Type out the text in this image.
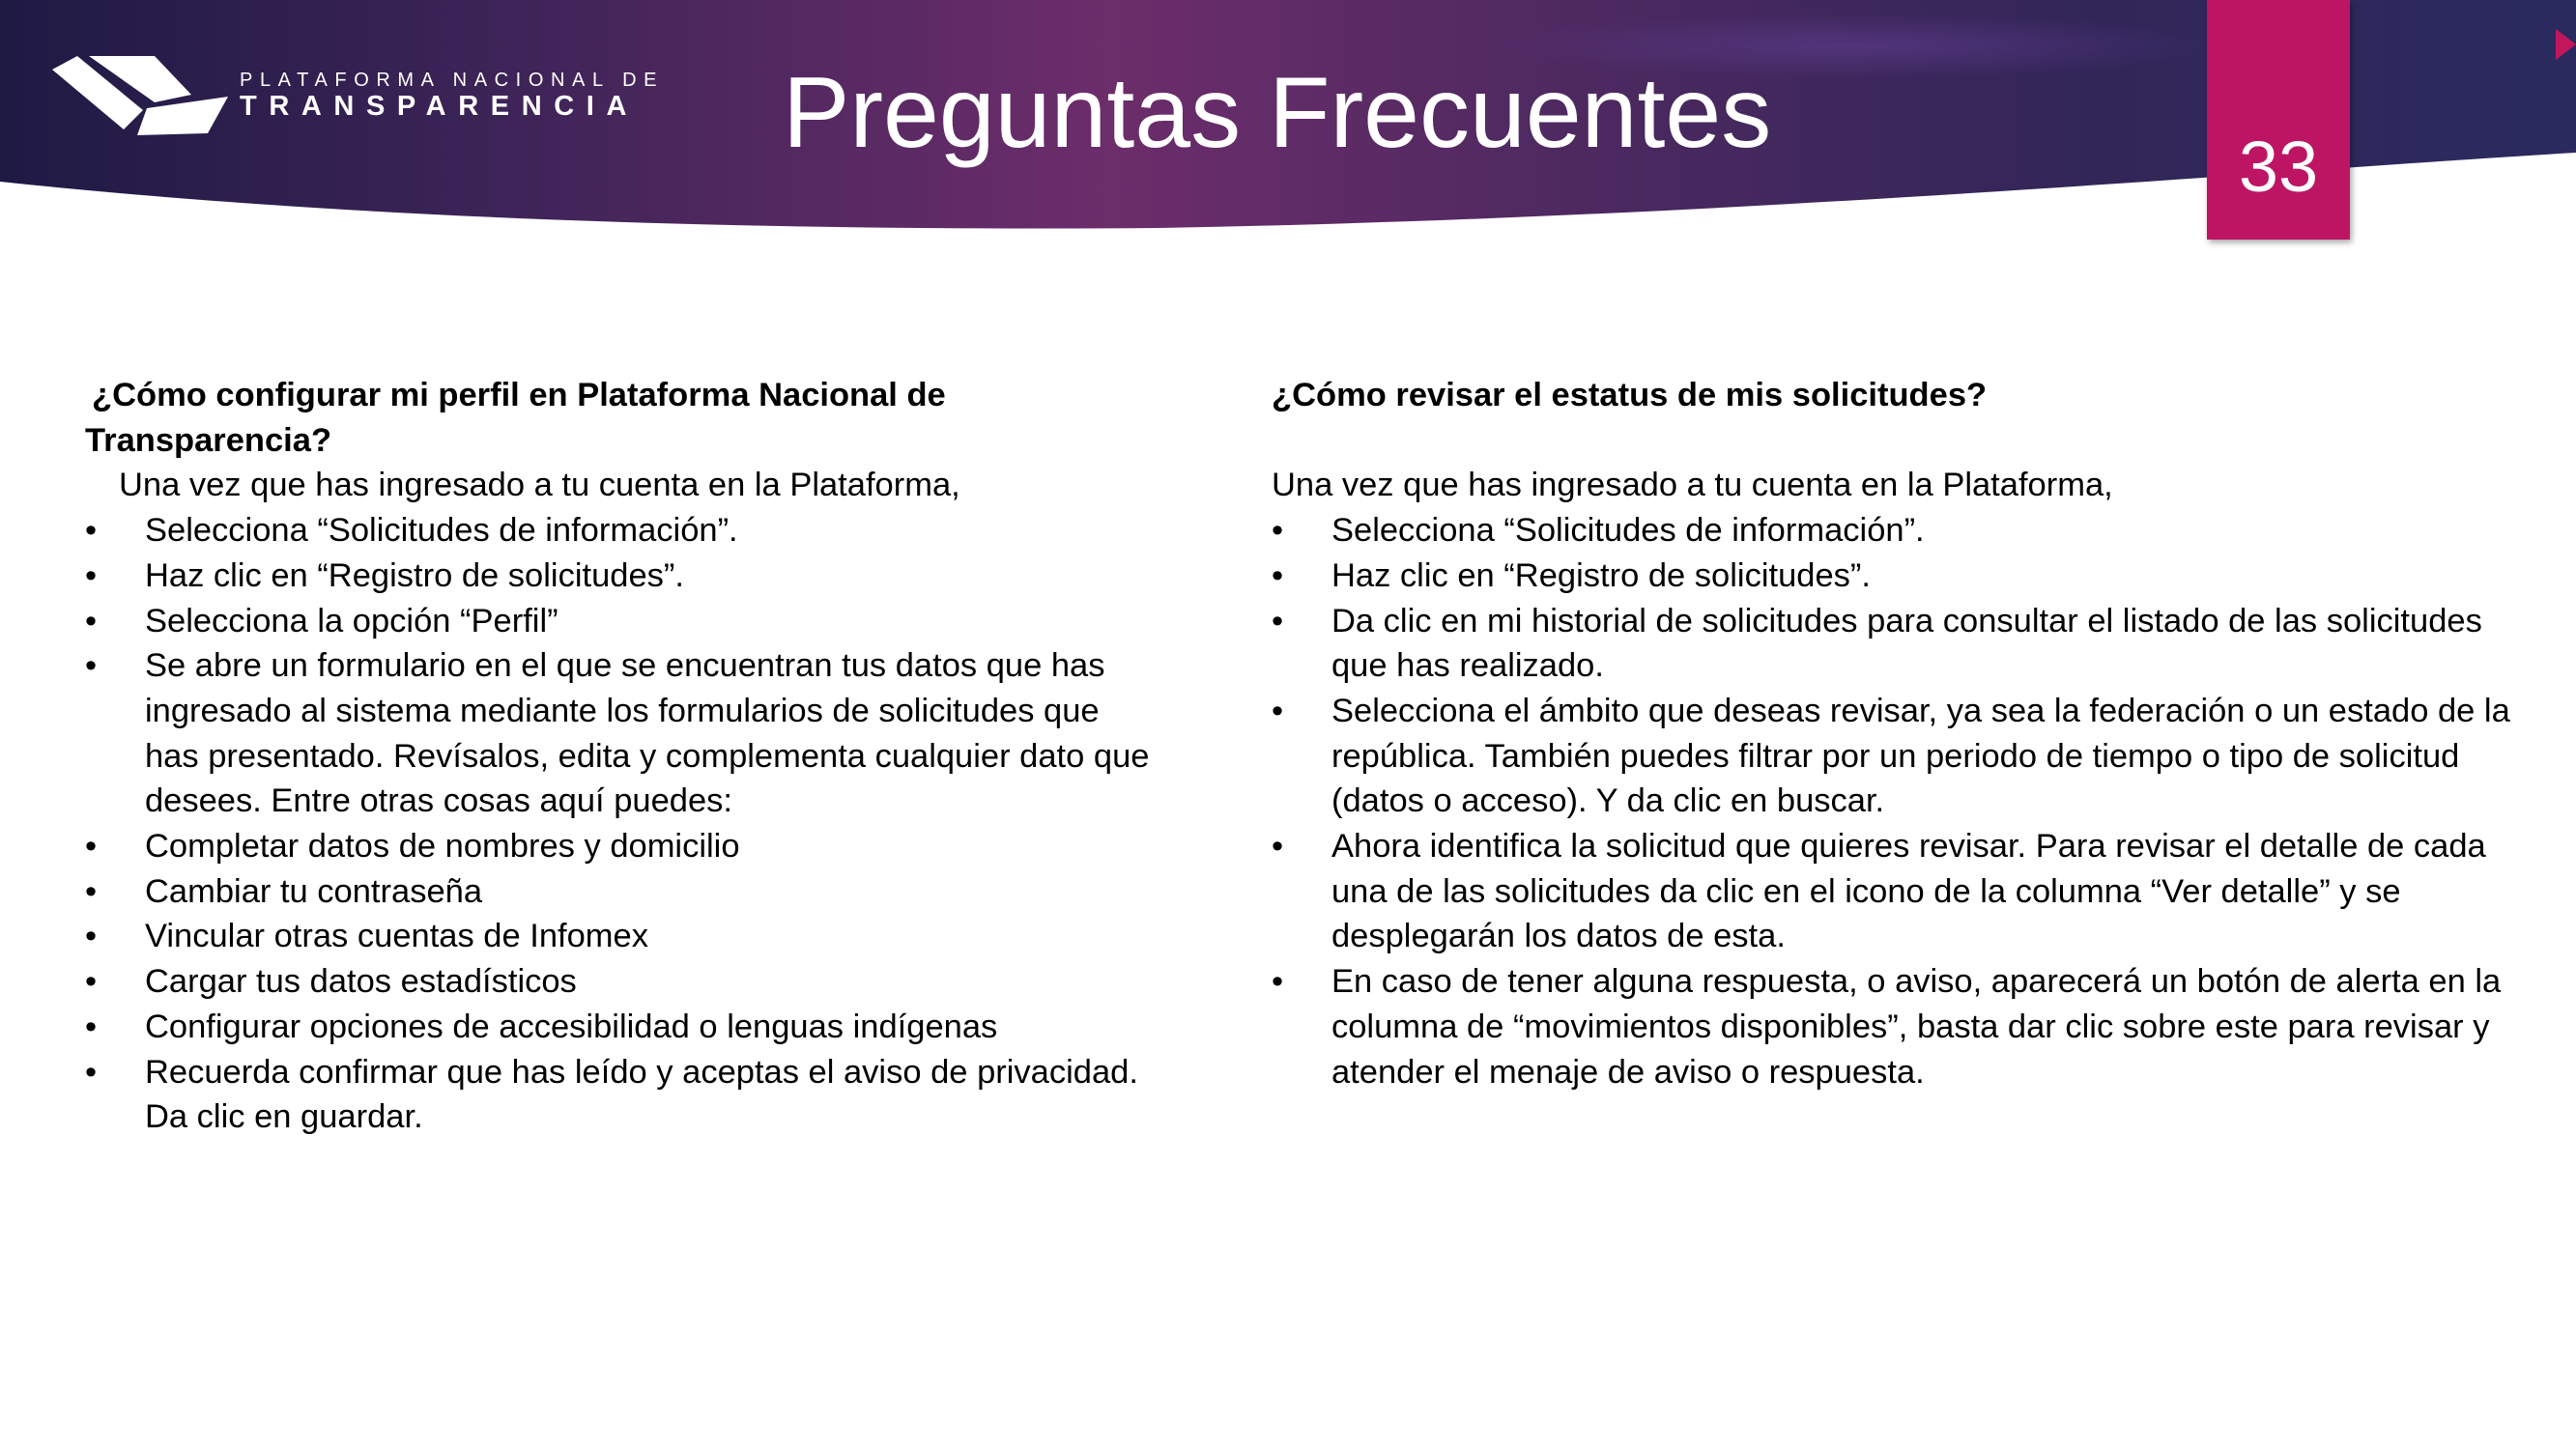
PLATAFORMA NACIONAL DE
TRANSPARENCIA Preguntas Frecuentes	33

¿Cómo configurar mi perfil en Plataforma Nacional de Transparencia?

Una vez que has ingresado a tu cuenta en la Plataforma,

• Selecciona “Solicitudes de información”.
• Haz clic en “Registro de solicitudes”.
• Selecciona la opción “Perfil”
• Se abre un formulario en el que se encuentran tus datos que has ingresado al sistema mediante los formularios de solicitudes que has presentado. Revísalos, edita y complementa cualquier dato que desees. Entre otras cosas aquí puedes:
• Completar datos de nombres y domicilio
• Cambiar tu contraseña
• Vincular otras cuentas de Infomex
• Cargar tus datos estadísticos
• Configurar opciones de accesibilidad o lenguas indígenas
• Recuerda confirmar que has leído y aceptas el aviso de privacidad. Da clic en guardar.

¿Cómo revisar el estatus de mis solicitudes?

Una vez que has ingresado a tu cuenta en la Plataforma,

• Selecciona “Solicitudes de información”.
• Haz clic en “Registro de solicitudes”.
• Da clic en mi historial de solicitudes para consultar el listado de las solicitudes que has realizado.
• Selecciona el ámbito que deseas revisar, ya sea la federación o un estado de la república. También puedes filtrar por un periodo de tiempo o tipo de solicitud (datos o acceso). Y da clic en buscar.
• Ahora identifica la solicitud que quieres revisar. Para revisar el detalle de cada una de las solicitudes da clic en el icono de la columna “Ver detalle” y se desplegarán los datos de esta.
• En caso de tener alguna respuesta, o aviso, aparecerá un botón de alerta en la columna de “movimientos disponibles”, basta dar clic sobre este para revisar y atender el menaje de aviso o respuesta.
